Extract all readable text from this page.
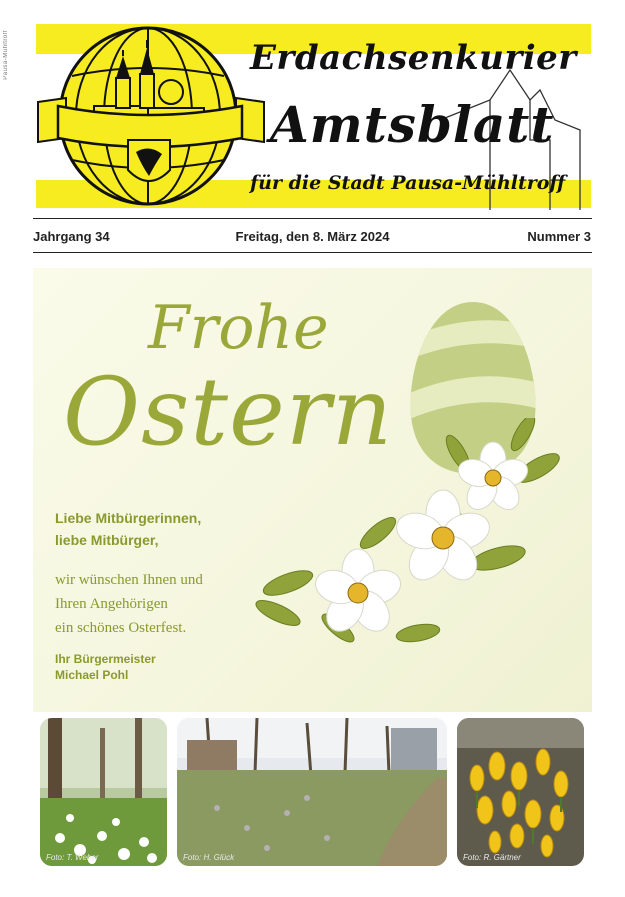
Pausa-Mühltroff	Erdachsenkurier
Amtsblatt
für die Stadt Pausa-Mühltroff
Jahrgang 34	Freitag, den 8. März 2024	Nummer 3
Frohe
Ostern
Liebe Mitbürgerinnen,
liebe Mitbürger,
wir wünschen Ihnen und
Ihren Angehörigen
ein schönes Osterfest.
Ihr Bürgermeister
Michael Pohl
Foto: T. Weber	Foto: H. Glück	Foto: R. Gärtner
